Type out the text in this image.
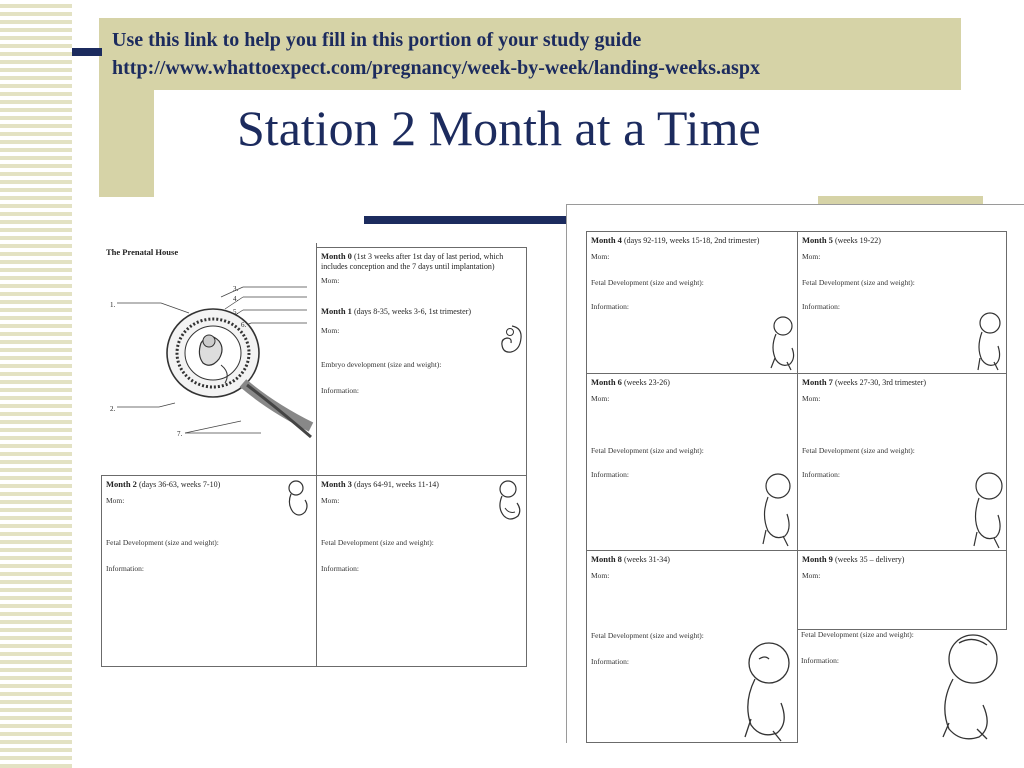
Use this link to help you fill in this portion of your study guide
http://www.whattoexpect.com/pregnancy/week-by-week/landing-weeks.aspx
Station 2 Month at a Time
The Prenatal House
1.
3.
4.
5.
6.
2.
7.
Month 0 (1st 3 weeks after 1st day of last period, which includes conception and the 7 days until implantation)
Mom:
Month 1 (days 8-35, weeks 3-6, 1st trimester)
Mom:
Embryo development (size and weight):
Information:
Month 2 (days 36-63, weeks 7-10)
Mom:
Fetal Development (size and weight):
Information:
Month 3 (days 64-91, weeks 11-14)
Mom:
Fetal Development (size and weight):
Information:
Month 4 (days 92-119, weeks 15-18, 2nd trimester)
Mom:
Fetal Development (size and weight):
Information:
Month 5 (weeks 19-22)
Mom:
Fetal Development (size and weight):
Information:
Month 6 (weeks 23-26)
Mom:
Fetal Development (size and weight):
Information:
Month 7 (weeks 27-30, 3rd trimester)
Mom:
Fetal Development (size and weight):
Information:
Month 8 (weeks 31-34)
Mom:
Fetal Development (size and weight):
Information:
Month 9 (weeks 35 – delivery)
Mom:
Fetal Development (size and weight):
Information:
